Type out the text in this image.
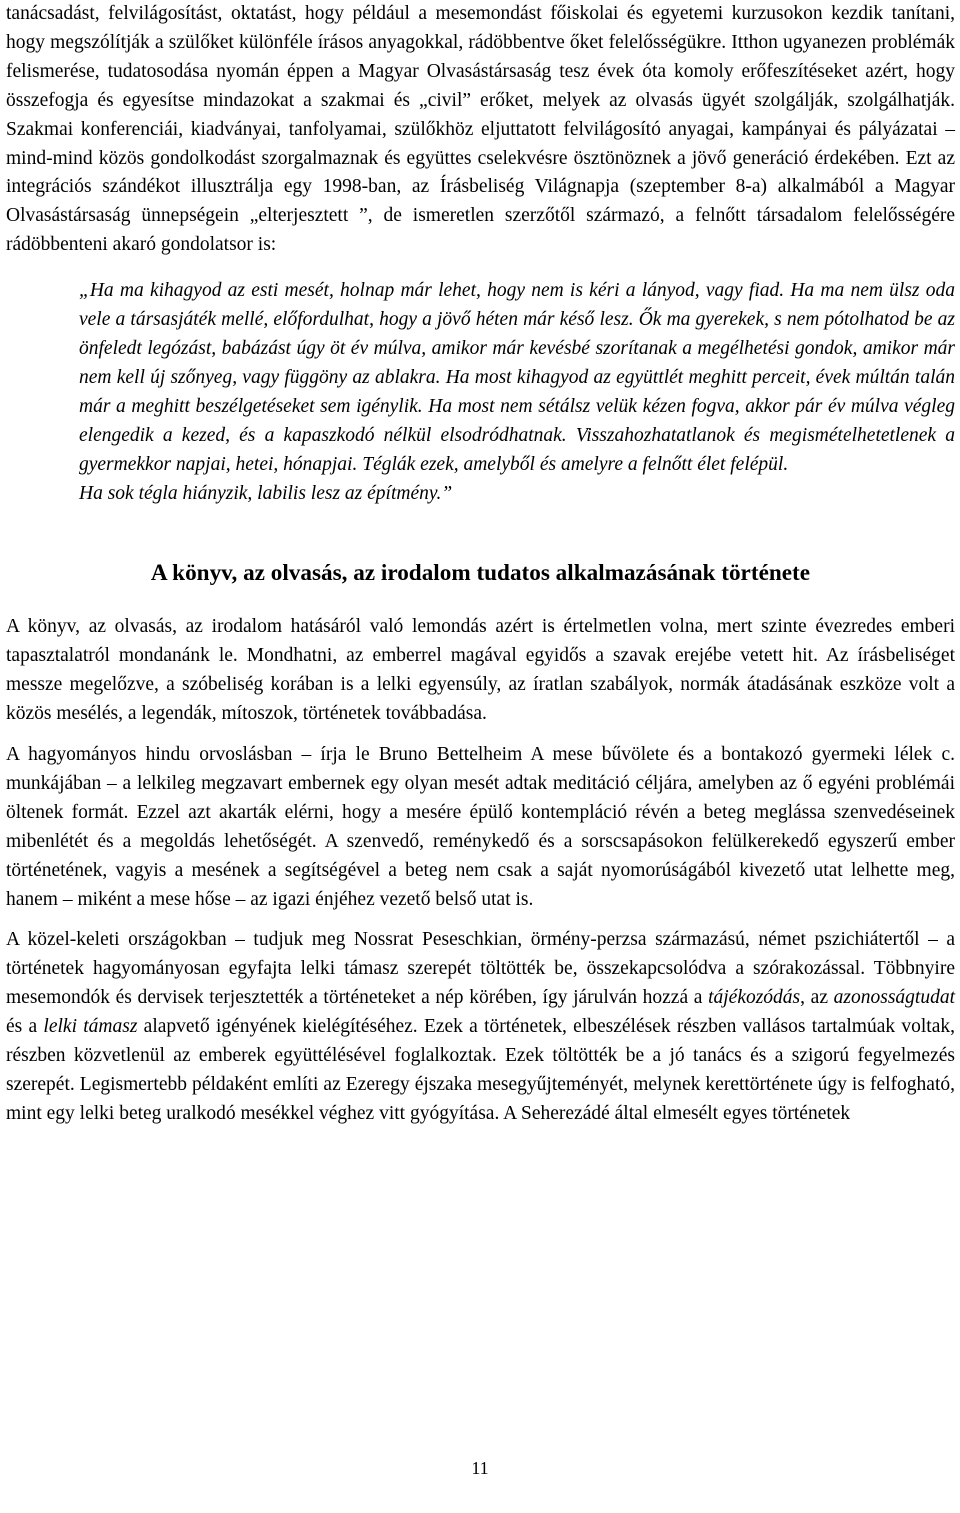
tanácsadást, felvilágosítást, oktatást, hogy például a mesemondást főiskolai és egyetemi kurzusokon kezdik tanítani, hogy megszólítják a szülőket különféle írásos anyagokkal, rádöbbentve őket felelősségükre. Itthon ugyanezen problémák felismerése, tudatosodása nyomán éppen a Magyar Olvasástársaság tesz évek óta komoly erőfeszítéseket azért, hogy összefogja és egyesítse mindazokat a szakmai és „civil” erőket, melyek az olvasás ügyét szolgálják, szolgálhatják. Szakmai konferenciái, kiadványai, tanfolyamai, szülőkhöz eljuttatott felvilágosító anyagai, kampányai és pályázatai – mind-mind közös gondolkodást szorgalmaznak és együttes cselekvésre ösztönöznek a jövő generáció érdekében. Ezt az integrációs szándékot illusztrálja egy 1998-ban, az Írásbeliség Világnapja (szeptember 8-a) alkalmából a Magyar Olvasástársaság ünnepségein „elterjesztett ”, de ismeretlen szerzőtől származó, a felnőtt társadalom felelősségére rádöbbenteni akaró gondolatsor is:

„Ha ma kihagyod az esti mesét, holnap már lehet, hogy nem is kéri a lányod, vagy fiad. Ha ma nem ülsz oda vele a társasjáték mellé, előfordulhat, hogy a jövő héten már késő lesz. Ők ma gyerekek, s nem pótolhatod be az önfeledt legózást, babázást úgy öt év múlva, amikor már kevésbé szorítanak a megélhetési gondok, amikor már nem kell új szőnyeg, vagy függöny az ablakra. Ha most kihagyod az együttlét meghitt perceit, évek múltán talán már a meghitt beszélgetéseket sem igénylik. Ha most nem sétálsz velük kézen fogva, akkor pár év múlva végleg elengedik a kezed, és a kapaszkodó nélkül elsodródhatnak. Visszahozhatatlanok és megismételhetetlenek a gyermekkor napjai, hetei, hónapjai. Téglák ezek, amelyből és amelyre a felnőtt élet felépül.

Ha sok tégla hiányzik, labilis lesz az építmény.”

A könyv, az olvasás, az irodalom tudatos alkalmazásának története

A könyv, az olvasás, az irodalom hatásáról való lemondás azért is értelmetlen volna, mert szinte évezredes emberi tapasztalatról mondanánk le. Mondhatni, az emberrel magával egyidős a szavak erejébe vetett hit. Az írásbeliséget messze megelőzve, a szóbeliség korában is a lelki egyensúly, az íratlan szabályok, normák átadásának eszköze volt a közös mesélés, a legendák, mítoszok, történetek továbbadása.

A hagyományos hindu orvoslásban – írja le Bruno Bettelheim A mese bűvölete és a bontakozó gyermeki lélek c. munkájában – a lelkileg megzavart embernek egy olyan mesét adtak meditáció céljára, amelyben az ő egyéni problémái öltenek formát. Ezzel azt akarták elérni, hogy a mesére épülő kontempláció révén a beteg meglássa szenvedéseinek mibenlétét és a megoldás lehetőségét. A szenvedő, reménykedő és a sorscsapásokon felülkerekedő egyszerű ember történetének, vagyis a mesének a segítségével a beteg nem csak a saját nyomorúságából kivezető utat lelhette meg, hanem – miként a mese hőse – az igazi énjéhez vezető belső utat is.

A közel-keleti országokban – tudjuk meg Nossrat Peseschkian, örmény-perzsa származású, német pszichiátertől – a történetek hagyományosan egyfajta lelki támasz szerepét töltötték be, összekapcsolódva a szórakozással. Többnyire mesemondók és dervisek terjesztették a történeteket a nép körében, így járulván hozzá a tájékozódás, az azonosságtudat és a lelki támasz alapvető igényének kielégítéséhez. Ezek a történetek, elbeszélések részben vallásos tartalmúak voltak, részben közvetlenül az emberek együttélésével foglalkoztak. Ezek töltötték be a jó tanács és a szigorú fegyelmezés szerepét. Legismertebb példaként említi az Ezeregy éjszaka mesegyűjteményét, melynek kerettörténete úgy is felfogható, mint egy lelki beteg uralkodó mesékkel véghez vitt gyógyítása. A Seherezádé által elmesélt egyes történetek

11
